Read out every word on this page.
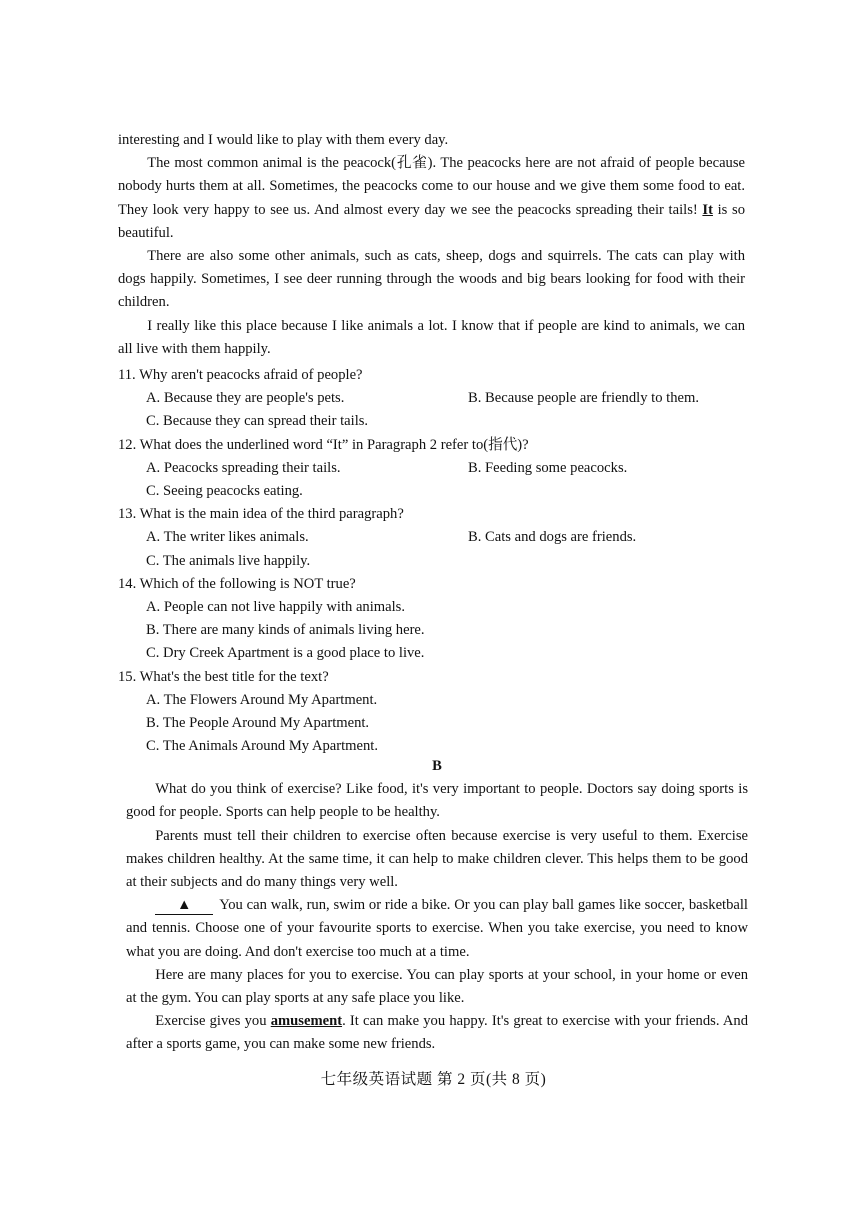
interesting and I would like to play with them every day.

The most common animal is the peacock(孔雀). The peacocks here are not afraid of people because nobody hurts them at all. Sometimes, the peacocks come to our house and we give them some food to eat. They look very happy to see us. And almost every day we see the peacocks spreading their tails! It is so beautiful.

There are also some other animals, such as cats, sheep, dogs and squirrels. The cats can play with dogs happily. Sometimes, I see deer running through the woods and big bears looking for food with their children.

I really like this place because I like animals a lot. I know that if people are kind to animals, we can all live with them happily.

11. Why aren't peacocks afraid of people?

A. Because they are people's pets.	B. Because people are friendly to them.
C. Because they can spread their tails.

12. What does the underlined word “It” in Paragraph 2 refer to(指代)?

A. Peacocks spreading their tails.	B. Feeding some peacocks.
C. Seeing peacocks eating.

13. What is the main idea of the third paragraph?

A. The writer likes animals.	B. Cats and dogs are friends.
C. The animals live happily.

14. Which of the following is NOT true?

A. People can not live happily with animals.
B. There are many kinds of animals living here.
C. Dry Creek Apartment is a good place to live.

15. What's the best title for the text?

A. The Flowers Around My Apartment.
B. The People Around My Apartment.
C. The Animals Around My Apartment.

B

What do you think of exercise? Like food, it's very important to people. Doctors say doing sports is good for people. Sports can help people to be healthy.

Parents must tell their children to exercise often because exercise is very useful to them. Exercise makes children healthy. At the same time, it can help to make children clever. This helps them to be good at their subjects and do many things very well.

▲ You can walk, run, swim or ride a bike. Or you can play ball games like soccer, basketball and tennis. Choose one of your favourite sports to exercise. When you take exercise, you need to know what you are doing. And don't exercise too much at a time.

Here are many places for you to exercise. You can play sports at your school, in your home or even at the gym. You can play sports at any safe place you like.

Exercise gives you amusement. It can make you happy. It's great to exercise with your friends. And after a sports game, you can make some new friends.

七年级英语试题 第 2 页(共 8 页)
